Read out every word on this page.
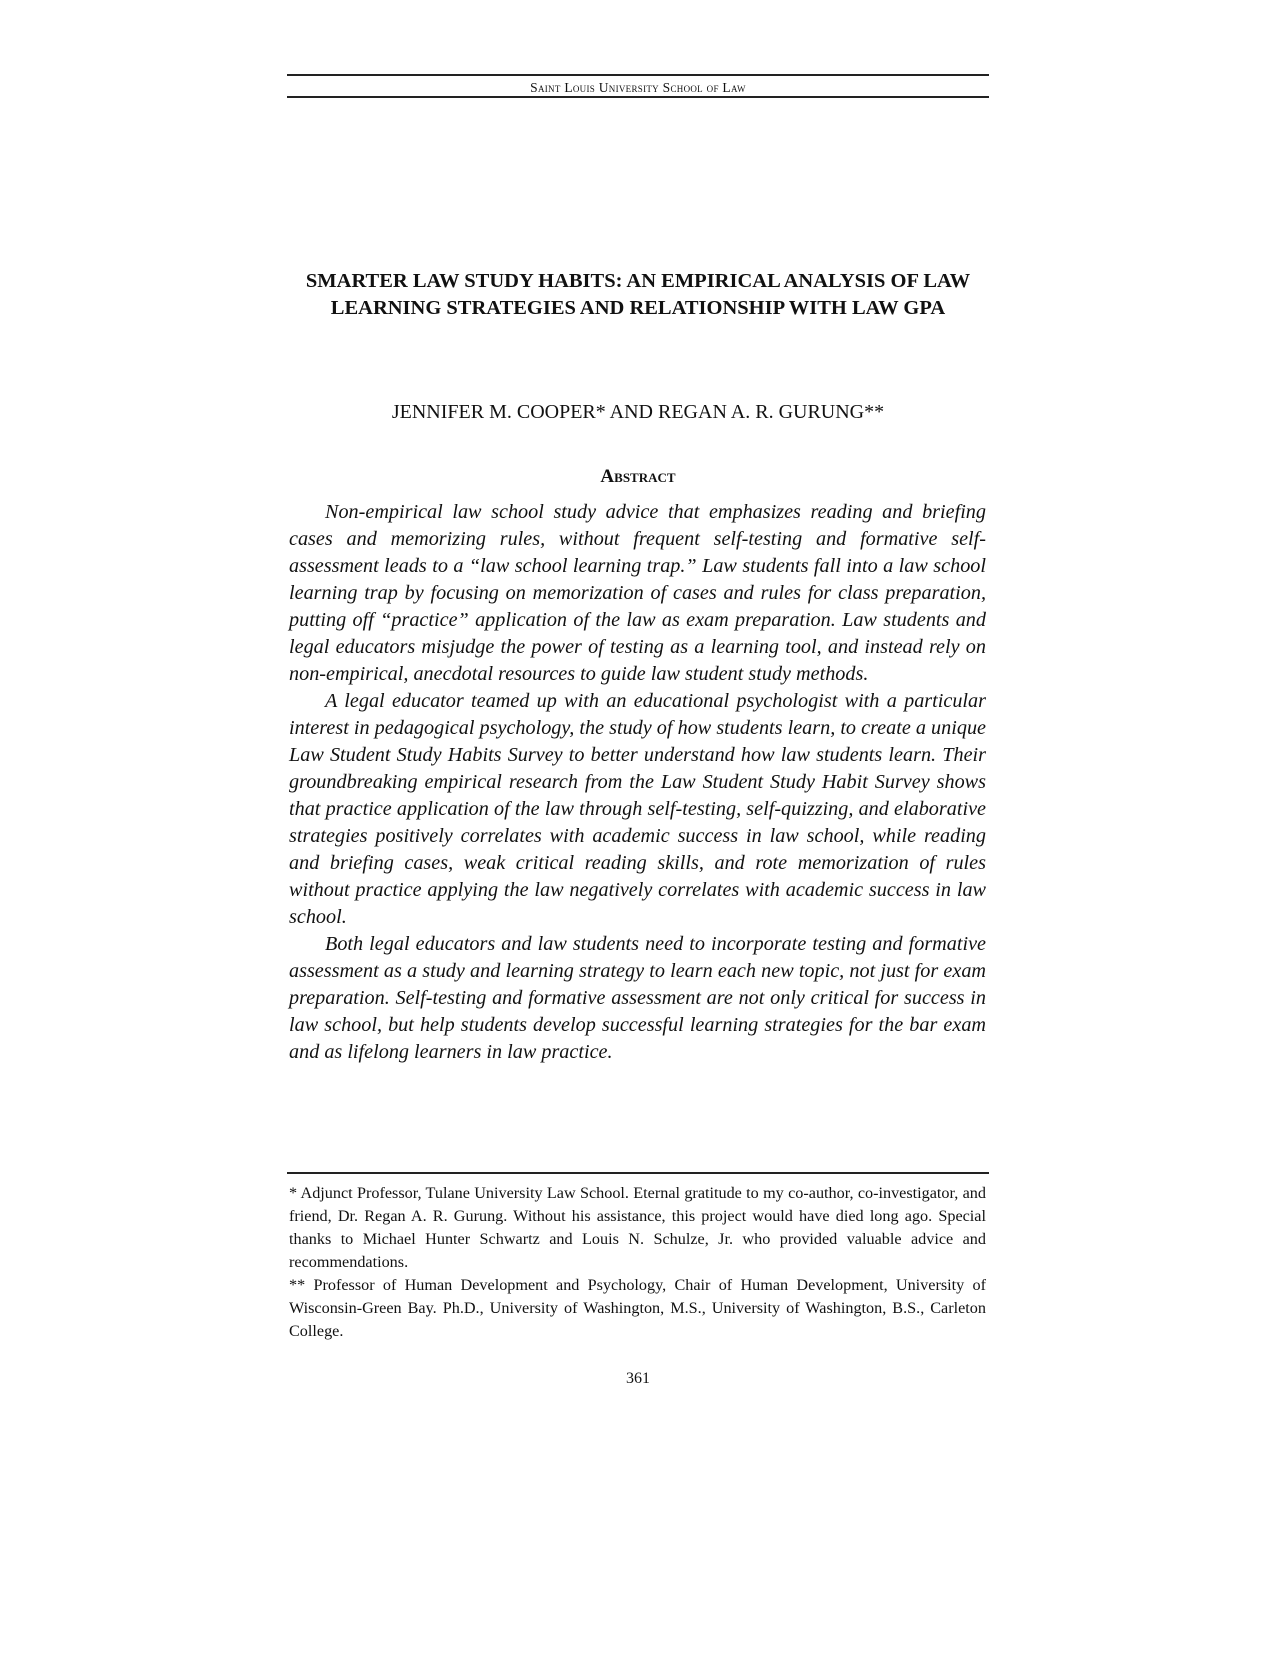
Saint Louis University School of Law
SMARTER LAW STUDY HABITS: AN EMPIRICAL ANALYSIS OF LAW LEARNING STRATEGIES AND RELATIONSHIP WITH LAW GPA

JENNIFER M. COOPER* AND REGAN A. R. GURUNG**

Abstract

Non-empirical law school study advice that emphasizes reading and briefing cases and memorizing rules, without frequent self-testing and formative self-assessment leads to a “law school learning trap.” Law students fall into a law school learning trap by focusing on memorization of cases and rules for class preparation, putting off “practice” application of the law as exam preparation. Law students and legal educators misjudge the power of testing as a learning tool, and instead rely on non-empirical, anecdotal resources to guide law student study methods.

A legal educator teamed up with an educational psychologist with a particular interest in pedagogical psychology, the study of how students learn, to create a unique Law Student Study Habits Survey to better understand how law students learn. Their groundbreaking empirical research from the Law Student Study Habit Survey shows that practice application of the law through self-testing, self-quizzing, and elaborative strategies positively correlates with academic success in law school, while reading and briefing cases, weak critical reading skills, and rote memorization of rules without practice applying the law negatively correlates with academic success in law school.

Both legal educators and law students need to incorporate testing and formative assessment as a study and learning strategy to learn each new topic, not just for exam preparation. Self-testing and formative assessment are not only critical for success in law school, but help students develop successful learning strategies for the bar exam and as lifelong learners in law practice.

* Adjunct Professor, Tulane University Law School. Eternal gratitude to my co-author, co-investigator, and friend, Dr. Regan A. R. Gurung. Without his assistance, this project would have died long ago. Special thanks to Michael Hunter Schwartz and Louis N. Schulze, Jr. who provided valuable advice and recommendations.

** Professor of Human Development and Psychology, Chair of Human Development, University of Wisconsin-Green Bay. Ph.D., University of Washington, M.S., University of Washington, B.S., Carleton College.

361
